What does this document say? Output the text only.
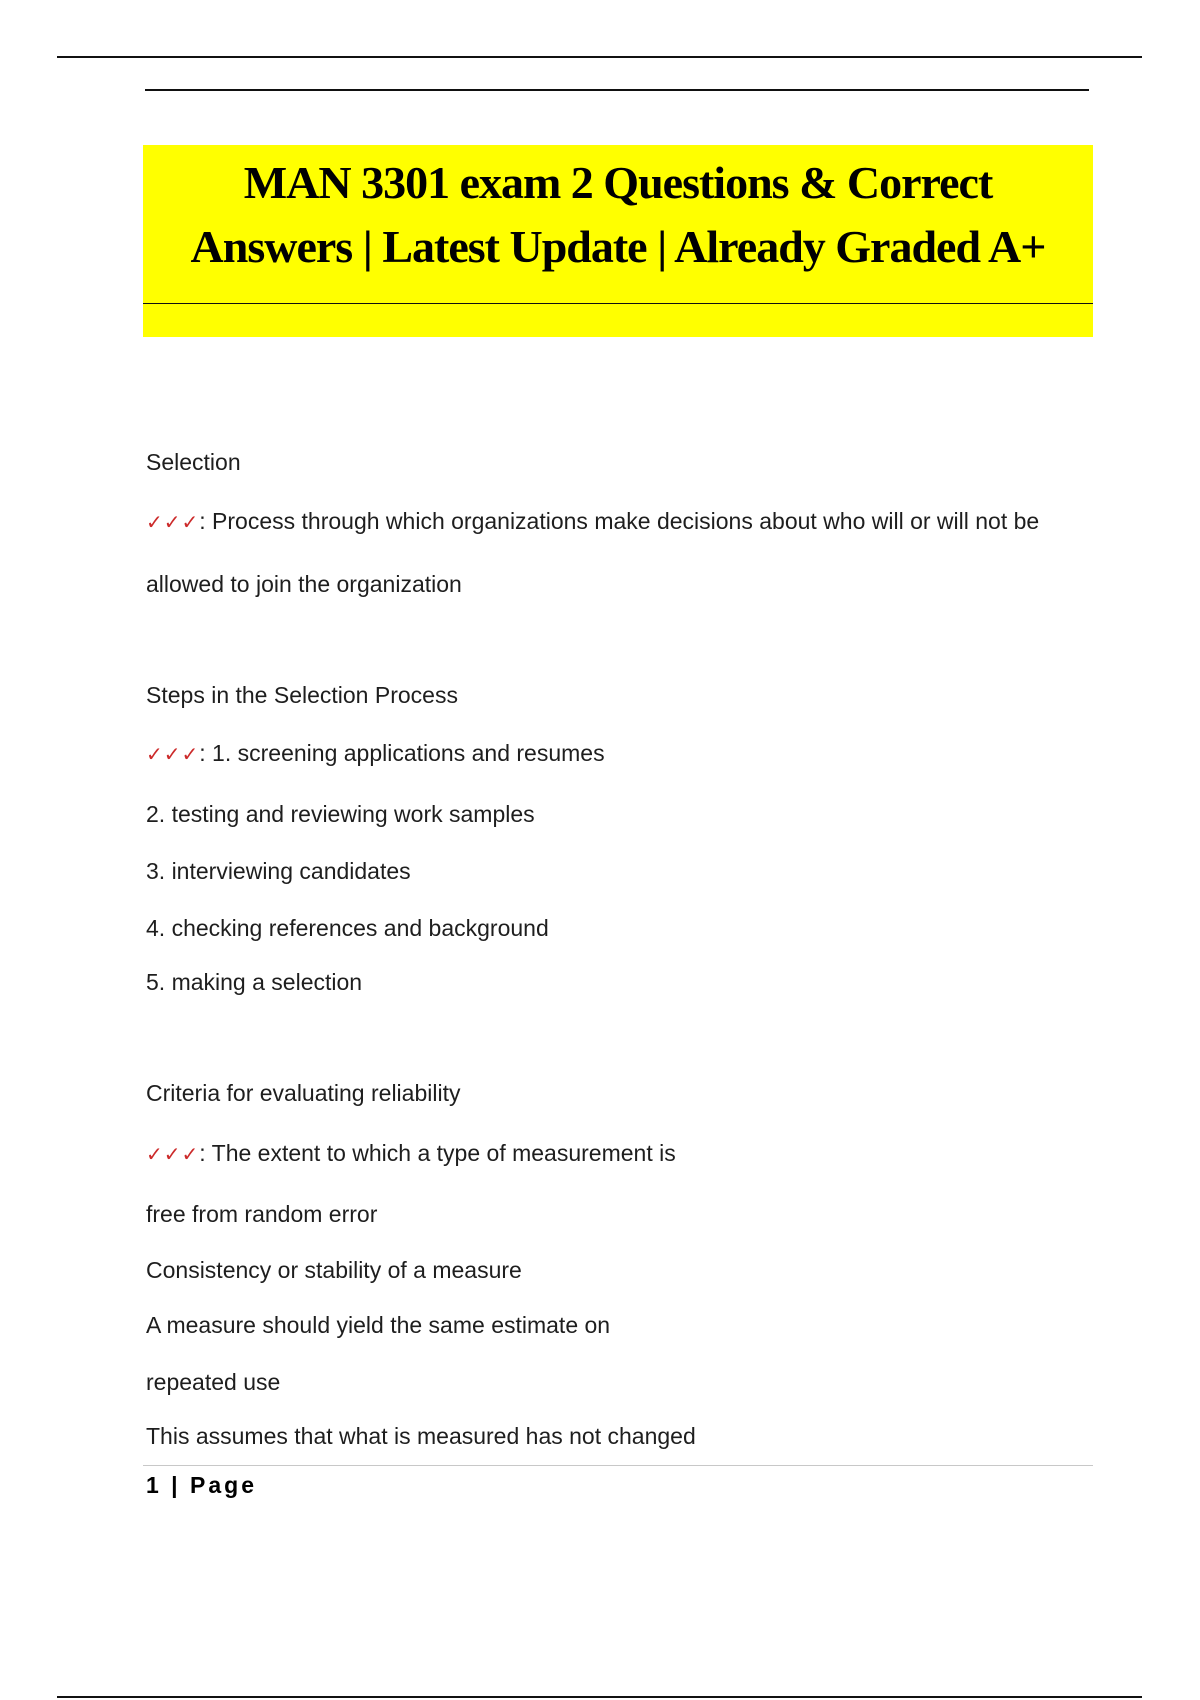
MAN 3301 exam 2 Questions & Correct
Answers | Latest Update | Already Graded A+
Selection
✓✓✓: Process through which organizations make decisions about who will or will not be
allowed to join the organization
Steps in the Selection Process
✓✓✓: 1. screening applications and resumes
2. testing and reviewing work samples
3. interviewing candidates
4. checking references and background
5. making a selection
Criteria for evaluating reliability
✓✓✓: The extent to which a type of measurement is
free from random error
Consistency or stability of a measure
A measure should yield the same estimate on
repeated use
This assumes that what is measured has not changed
1 | Page
